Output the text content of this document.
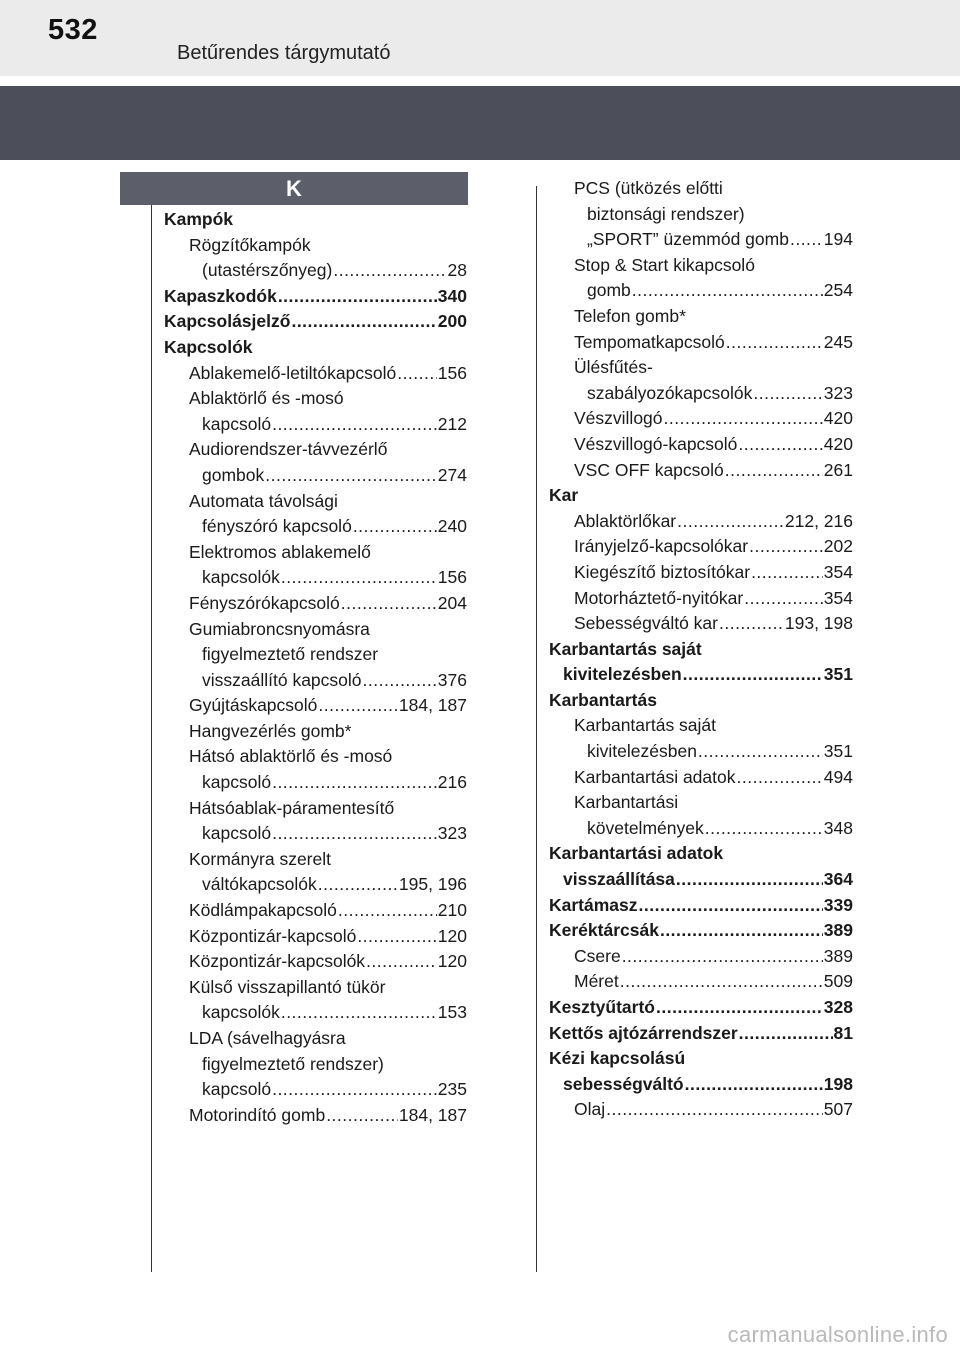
532
Betűrendes tárgymutató
K
Kampók
Rögzítőkampók
(utastérszőnyeg) .....	28
Kapaszkodók .....	340
Kapcsolásjelző .....	200
Kapcsolók
Ablakemelő-letiltókapcsoló ..... 156
Ablaktörlő és -mosó
kapcsoló .....	212
Audiorendszer-távvezérlő
gombok .....	274
Automata távolsági
fényszóró kapcsoló .....	240
Elektromos ablakemelő
kapcsolók .....	156
Fényszórókapcsoló .....	204
Gumiabroncsnyomásra
figyelmeztető rendszer
visszaállító kapcsoló .....	376
Gyújtáskapcsoló .....	184, 187
Hangvezérlés gomb*
Hátsó ablaktörlő és -mosó
kapcsoló .....	216
Hátsóablak-páramentesítő
kapcsoló .....	323
Kormányra szerelt
váltókapcsolók .....	195, 196
Ködlámpakapcsoló .....	210
Központizár-kapcsoló .....	120
Központizár-kapcsolók .....	120
Külső visszapillantó tükör
kapcsolók .....	153
LDA (sávelhagyásra
figyelmeztető rendszer)
kapcsoló .....	235
Motorindító gomb .....	184, 187
PCS (ütközés előtti
biztonsági rendszer)
„SPORT” üzemmód gomb ..... 194
Stop & Start kikapcsoló
gomb .....	254
Telefon gomb*
Tempomatkapcsoló .....	245
Ülésfűtés-
szabályozókapcsolók .....	323
Vészvillogó .....	420
Vészvillogó-kapcsoló .....	420
VSC OFF kapcsoló .....	261
Kar
Ablaktörlőkar .....	212, 216
Irányjelző-kapcsolókar .....	202
Kiegészítő biztosítókar .....	354
Motorháztető-nyitókar .....	354
Sebességváltó kar .....	193, 198
Karbantartás saját
kivitelezésben .....	351
Karbantartás
Karbantartás saját
kivitelezésben .....	351
Karbantartási adatok .....	494
Karbantartási
követelmények .....	348
Karbantartási adatok
visszaállítása .....	364
Kartámasz .....	339
Keréktárcsák .....	389
Csere .....	389
Méret .....	509
Kesztyűtartó .....	328
Kettős ajtózárrendszer .....	81
Kézi kapcsolású
sebességváltó .....	198
Olaj .....	507
carmanualsonline.info
